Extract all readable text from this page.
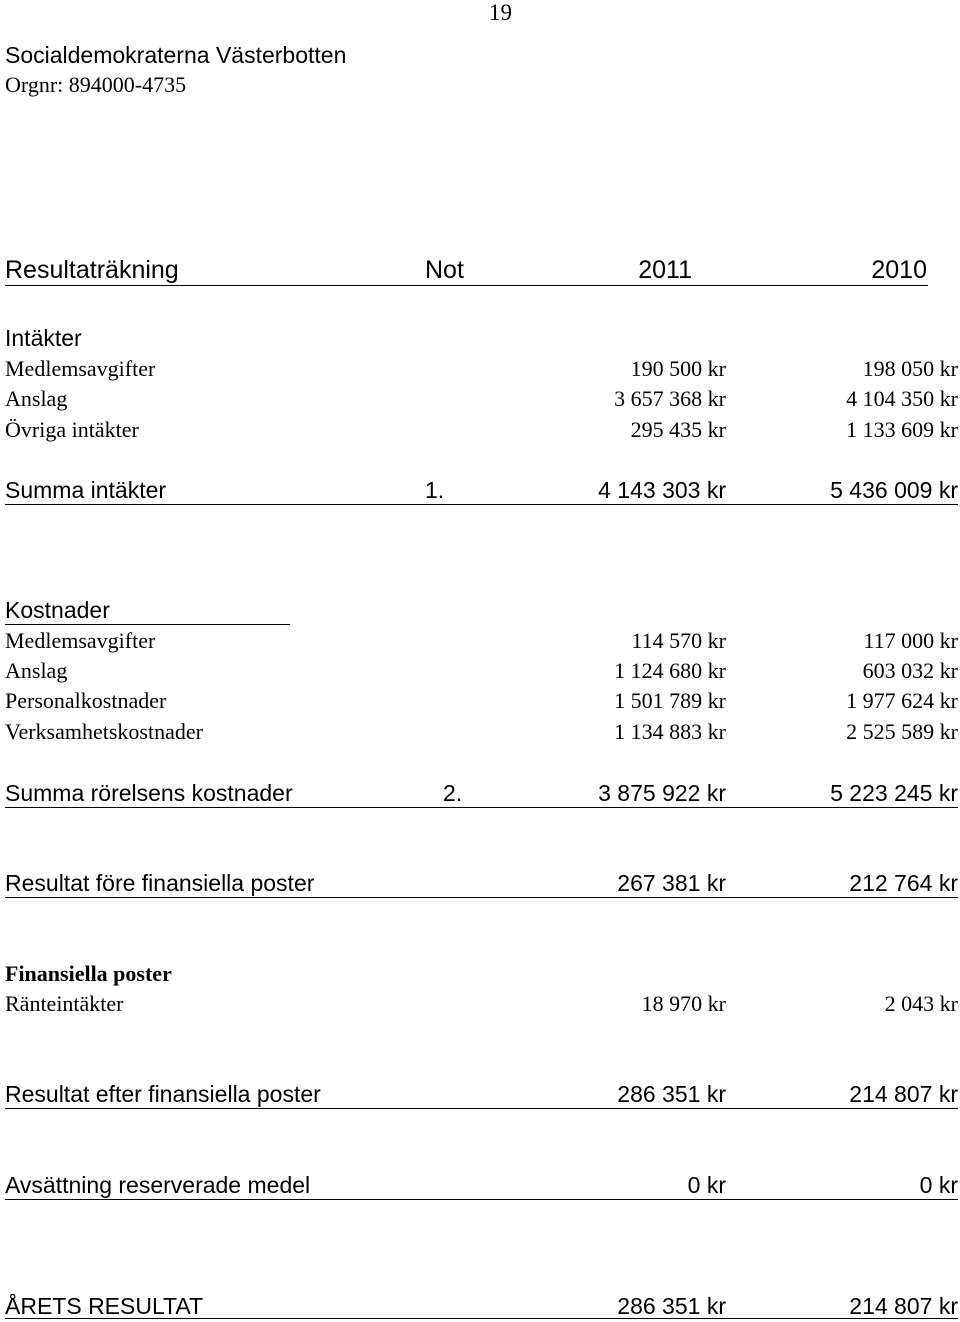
19
Socialdemokraterna Västerbotten
Orgnr: 894000-4735
Resultaträkning	Not	2011	2010
Intäkter
Medlemsavgifter	190 500 kr	198 050 kr
Anslag	3 657 368 kr	4 104 350 kr
Övriga intäkter	295 435 kr	1 133 609 kr
Summa intäkter	1.	4 143 303 kr	5 436 009 kr
Kostnader
Medlemsavgifter	114 570 kr	117 000 kr
Anslag	1 124 680 kr	603 032 kr
Personalkostnader	1 501 789 kr	1 977 624 kr
Verksamhetskostnader	1 134 883 kr	2 525 589 kr
Summa rörelsens kostnader	2.	3 875 922 kr	5 223 245 kr
Resultat före finansiella poster	267 381 kr	212 764 kr
Finansiella poster
Ränteintäkter	18 970 kr	2 043 kr
Resultat efter finansiella poster	286 351 kr	214 807 kr
Avsättning reserverade medel	0 kr	0 kr
ÅRETS RESULTAT	286 351 kr	214 807 kr
